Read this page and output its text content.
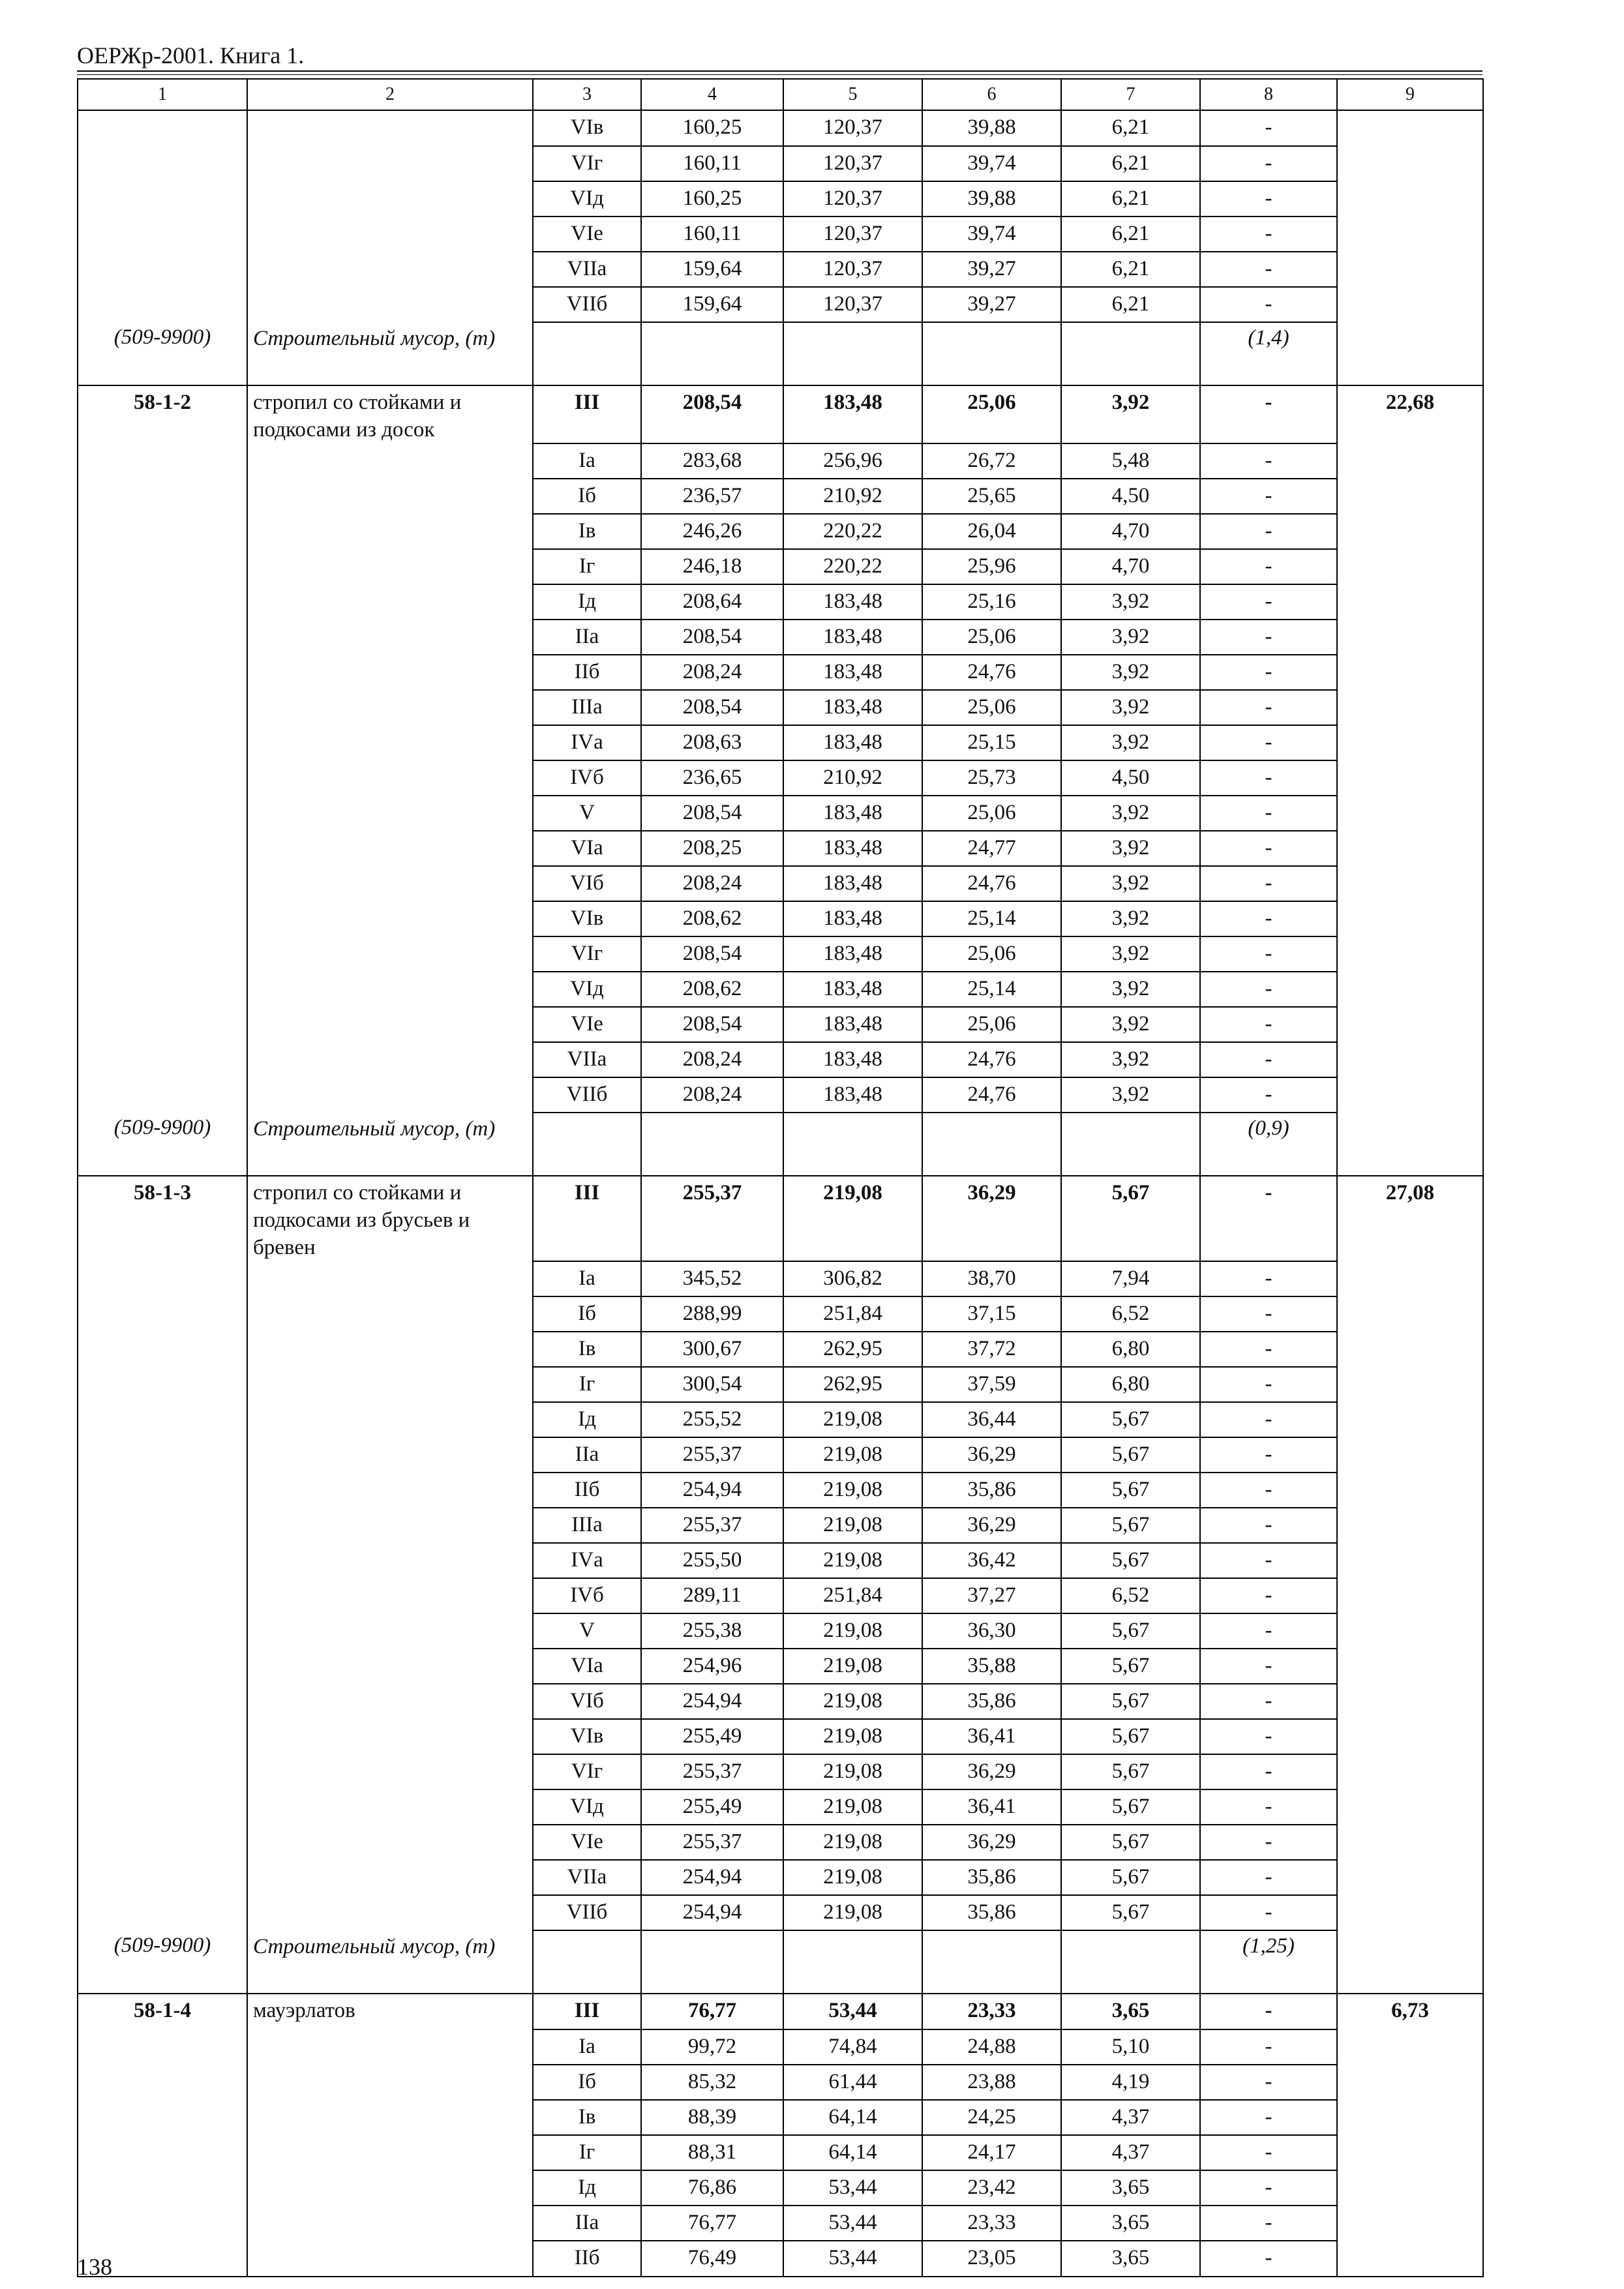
ОЕРЖр-2001. Книга 1.
1	2	3	4	5	6	7	8	9
		VIв	160,25	120,37	39,88	6,21	-	
		VIг	160,11	120,37	39,74	6,21	-	
		VIд	160,25	120,37	39,88	6,21	-	
		VIе	160,11	120,37	39,74	6,21	-	
		VIIа	159,64	120,37	39,27	6,21	-	
		VIIб	159,64	120,37	39,27	6,21	-	
(509-9900)	Строительный мусор, (т)						(1,4)	
58-1-2	стропил со стойками и подкосами из досок	III	208,54	183,48	25,06	3,92	-	22,68
		Iа	283,68	256,96	26,72	5,48	-	
		Iб	236,57	210,92	25,65	4,50	-	
		Iв	246,26	220,22	26,04	4,70	-	
		Iг	246,18	220,22	25,96	4,70	-	
		Iд	208,64	183,48	25,16	3,92	-	
		IIа	208,54	183,48	25,06	3,92	-	
		IIб	208,24	183,48	24,76	3,92	-	
		IIIа	208,54	183,48	25,06	3,92	-	
		IVа	208,63	183,48	25,15	3,92	-	
		IVб	236,65	210,92	25,73	4,50	-	
		V	208,54	183,48	25,06	3,92	-	
		VIа	208,25	183,48	24,77	3,92	-	
		VIб	208,24	183,48	24,76	3,92	-	
		VIв	208,62	183,48	25,14	3,92	-	
		VIг	208,54	183,48	25,06	3,92	-	
		VIд	208,62	183,48	25,14	3,92	-	
		VIе	208,54	183,48	25,06	3,92	-	
		VIIа	208,24	183,48	24,76	3,92	-	
		VIIб	208,24	183,48	24,76	3,92	-	
(509-9900)	Строительный мусор, (т)						(0,9)	
58-1-3	стропил со стойками и подкосами из брусьев и бревен	III	255,37	219,08	36,29	5,67	-	27,08
		Iа	345,52	306,82	38,70	7,94	-	
		Iб	288,99	251,84	37,15	6,52	-	
		Iв	300,67	262,95	37,72	6,80	-	
		Iг	300,54	262,95	37,59	6,80	-	
		Iд	255,52	219,08	36,44	5,67	-	
		IIа	255,37	219,08	36,29	5,67	-	
		IIб	254,94	219,08	35,86	5,67	-	
		IIIа	255,37	219,08	36,29	5,67	-	
		IVа	255,50	219,08	36,42	5,67	-	
		IVб	289,11	251,84	37,27	6,52	-	
		V	255,38	219,08	36,30	5,67	-	
		VIа	254,96	219,08	35,88	5,67	-	
		VIб	254,94	219,08	35,86	5,67	-	
		VIв	255,49	219,08	36,41	5,67	-	
		VIг	255,37	219,08	36,29	5,67	-	
		VIд	255,49	219,08	36,41	5,67	-	
		VIе	255,37	219,08	36,29	5,67	-	
		VIIа	254,94	219,08	35,86	5,67	-	
		VIIб	254,94	219,08	35,86	5,67	-	
(509-9900)	Строительный мусор, (т)						(1,25)	
58-1-4	мауэрлатов	III	76,77	53,44	23,33	3,65	-	6,73
		Iа	99,72	74,84	24,88	5,10	-	
		Iб	85,32	61,44	23,88	4,19	-	
		Iв	88,39	64,14	24,25	4,37	-	
		Iг	88,31	64,14	24,17	4,37	-	
		Iд	76,86	53,44	23,42	3,65	-	
		IIа	76,77	53,44	23,33	3,65	-	
		IIб	76,49	53,44	23,05	3,65	-	
138
